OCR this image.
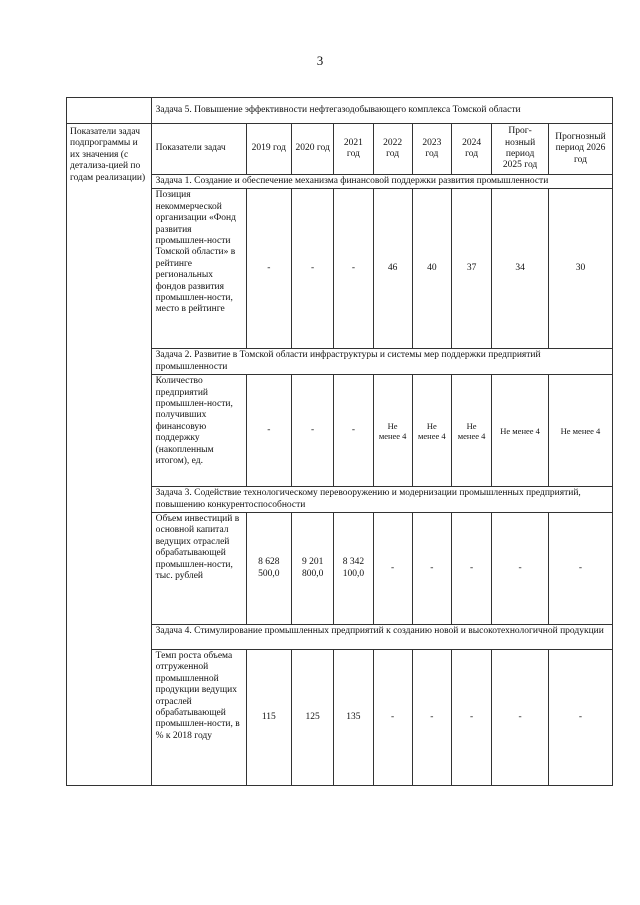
3
	Задача 5. Повышение эффективности нефтегазодобывающего комплекса Томской области								
Показатели задач подпрограммы и их значения (с детализа-цией по годам реализации)	Показатели задач	2019 год	2020 год	2021 год	2022 год	2023 год	2024 год	Прог-нозный период 2025 год	Прогнозный период 2026 год
	Задача 1. Создание и обеспечение механизма финансовой поддержки развития промышленности								
	Позиция некоммерческой организации «Фонд развития промышлен-ности Томской области» в рейтинге региональных фондов развития промышлен-ности, место в рейтинге	-	-	-	46	40	37	34	30
	Задача 2. Развитие в Томской области инфраструктуры и системы мер поддержки предприятий промышленности								
	Количество предприятий промышлен-ности, получивших финансовую поддержку (накопленным итогом), ед.	-	-	-	Не менее 4	Не менее 4	Не менее 4	Не менее 4	Не менее 4
	Задача 3. Содействие технологическому перевооружению и модернизации промышленных предприятий, повышению конкурентоспособности								
	Объем инвестиций в основной капитал ведущих отраслей обрабатывающей промышлен-ности, тыс. рублей	8 628 500,0	9 201 800,0	8 342 100,0	-	-	-	-	-
	Задача 4. Стимулирование промышленных предприятий к созданию новой и высокотехнологичной продукции								
	Темп роста объема отгруженной промышленной продукции ведущих отраслей обрабатывающей промышлен-ности, в % к 2018 году	115	125	135	-	-	-	-	-
